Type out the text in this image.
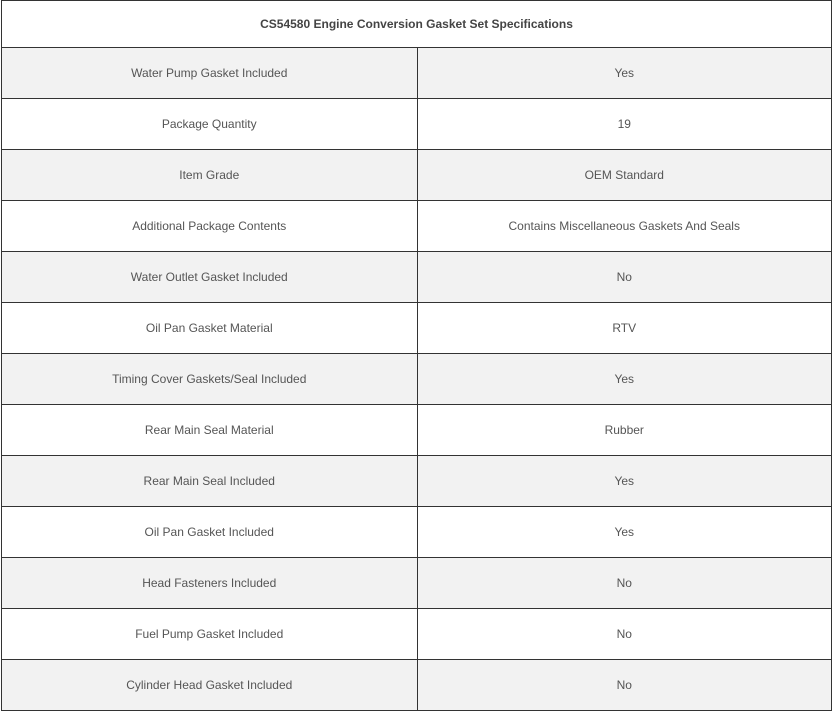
CS54580 Engine Conversion Gasket Set Specifications	
Water Pump Gasket Included	Yes
Package Quantity	19
Item Grade	OEM Standard
Additional Package Contents	Contains Miscellaneous Gaskets And Seals
Water Outlet Gasket Included	No
Oil Pan Gasket Material	RTV
Timing Cover Gaskets/Seal Included	Yes
Rear Main Seal Material	Rubber
Rear Main Seal Included	Yes
Oil Pan Gasket Included	Yes
Head Fasteners Included	No
Fuel Pump Gasket Included	No
Cylinder Head Gasket Included	No
